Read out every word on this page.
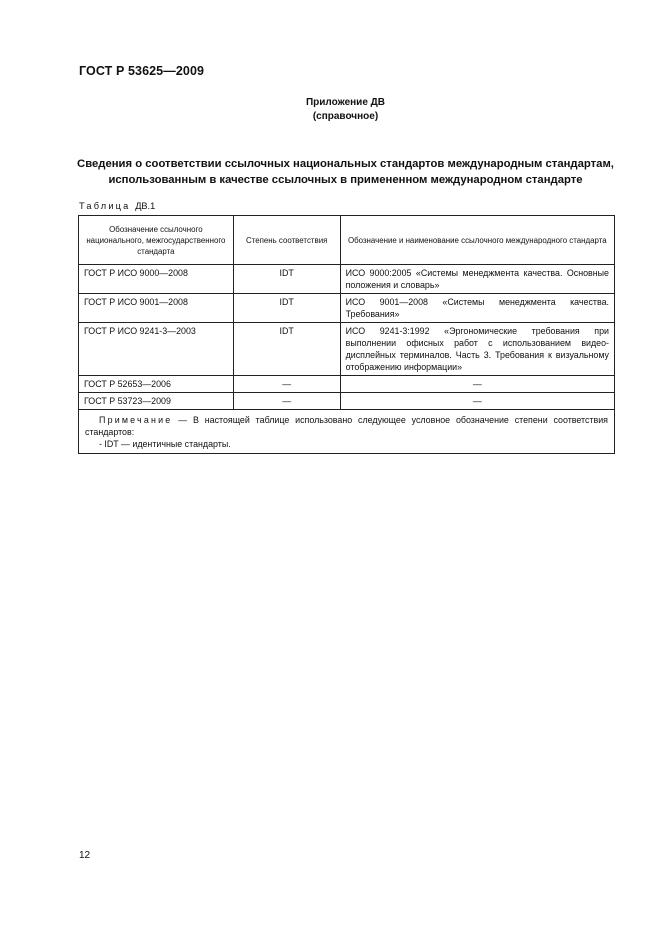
ГОСТ Р 53625—2009
Приложение ДВ
(справочное)
Сведения о соответствии ссылочных национальных стандартов международным стандартам, использованным в качестве ссылочных в примененном международном стандарте
Таблица ДВ.1
Обозначение ссылочного национального, межгосударственного стандарта	Степень соответствия	Обозначение и наименование ссылочного международного стандарта
ГОСТ Р ИСО 9000—2008	IDT	ИСО 9000:2005 «Системы менеджмента качества. Основные положения и словарь»
ГОСТ Р ИСО 9001—2008	IDT	ИСО 9001—2008 «Системы менеджмента качества. Требования»
ГОСТ Р ИСО 9241-3—2003	IDT	ИСО 9241-3:1992 «Эргономические требования при выполнении офисных работ с использованием видео-дисплейных терминалов. Часть 3. Требования к визуальному отображению информации»
ГОСТ Р 52653—2006	—	—
ГОСТ Р 53723—2009	—	—
Примечание — В настоящей таблице использовано следующее условное обозначение степени соответствия стандартов:
- IDT — идентичные стандарты.		
12
